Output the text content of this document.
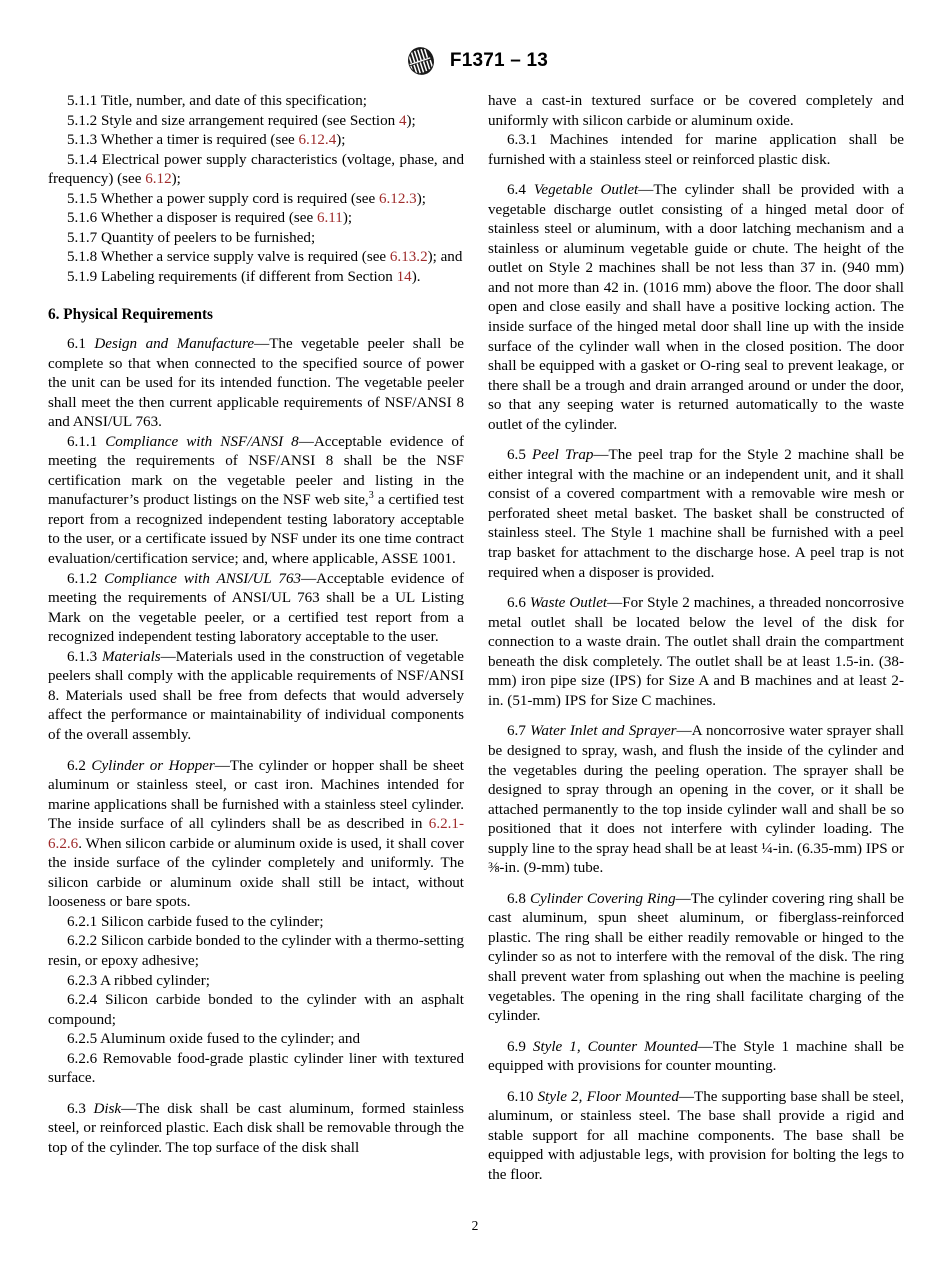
F1371 – 13

5.1.1 Title, number, and date of this specification;

5.1.2 Style and size arrangement required (see Section 4);

5.1.3 Whether a timer is required (see 6.12.4);

5.1.4 Electrical power supply characteristics (voltage, phase, and frequency) (see 6.12);

5.1.5 Whether a power supply cord is required (see 6.12.3);

5.1.6 Whether a disposer is required (see 6.11);

5.1.7 Quantity of peelers to be furnished;

5.1.8 Whether a service supply valve is required (see 6.13.2); and

5.1.9 Labeling requirements (if different from Section 14).

6. Physical Requirements

6.1 Design and Manufacture—The vegetable peeler shall be complete so that when connected to the specified source of power the unit can be used for its intended function. The vegetable peeler shall meet the then current applicable requirements of NSF/ANSI 8 and ANSI/UL 763.

6.1.1 Compliance with NSF/ANSI 8—Acceptable evidence of meeting the requirements of NSF/ANSI 8 shall be the NSF certification mark on the vegetable peeler and listing in the manufacturer’s product listings on the NSF web site,$^3$ a certified test report from a recognized independent testing laboratory acceptable to the user, or a certificate issued by NSF under its one time contract evaluation/certification service; and, where applicable, ASSE 1001.

6.1.2 Compliance with ANSI/UL 763—Acceptable evidence of meeting the requirements of ANSI/UL 763 shall be a UL Listing Mark on the vegetable peeler, or a certified test report from a recognized independent testing laboratory acceptable to the user.

6.1.3 Materials—Materials used in the construction of vegetable peelers shall comply with the applicable requirements of NSF/ANSI 8. Materials used shall be free from defects that would adversely affect the performance or maintainability of individual components of the overall assembly.

6.2 Cylinder or Hopper—The cylinder or hopper shall be sheet aluminum or stainless steel, or cast iron. Machines intended for marine applications shall be furnished with a stainless steel cylinder. The inside surface of all cylinders shall be as described in 6.2.1-6.2.6. When silicon carbide or aluminum oxide is used, it shall cover the inside surface of the cylinder completely and uniformly. The silicon carbide or aluminum oxide shall still be intact, without looseness or bare spots.

6.2.1 Silicon carbide fused to the cylinder;

6.2.2 Silicon carbide bonded to the cylinder with a thermo-setting resin, or epoxy adhesive;

6.2.3 A ribbed cylinder;

6.2.4 Silicon carbide bonded to the cylinder with an asphalt compound;

6.2.5 Aluminum oxide fused to the cylinder; and

6.2.6 Removable food-grade plastic cylinder liner with textured surface.

6.3 Disk—The disk shall be cast aluminum, formed stainless steel, or reinforced plastic. Each disk shall be removable through the top of the cylinder. The top surface of the disk shall

have a cast-in textured surface or be covered completely and uniformly with silicon carbide or aluminum oxide.

6.3.1 Machines intended for marine application shall be furnished with a stainless steel or reinforced plastic disk.

6.4 Vegetable Outlet—The cylinder shall be provided with a vegetable discharge outlet consisting of a hinged metal door of stainless steel or aluminum, with a door latching mechanism and a stainless or aluminum vegetable guide or chute. The height of the outlet on Style 2 machines shall be not less than 37 in. (940 mm) and not more than 42 in. (1016 mm) above the floor. The door shall open and close easily and shall have a positive locking action. The inside surface of the hinged metal door shall line up with the inside surface of the cylinder wall when in the closed position. The door shall be equipped with a gasket or O-ring seal to prevent leakage, or there shall be a trough and drain arranged around or under the door, so that any seeping water is returned automatically to the waste outlet of the cylinder.

6.5 Peel Trap—The peel trap for the Style 2 machine shall be either integral with the machine or an independent unit, and it shall consist of a covered compartment with a removable wire mesh or perforated sheet metal basket. The basket shall be constructed of stainless steel. The Style 1 machine shall be furnished with a peel trap basket for attachment to the discharge hose. A peel trap is not required when a disposer is provided.

6.6 Waste Outlet—For Style 2 machines, a threaded noncorrosive metal outlet shall be located below the level of the disk for connection to a waste drain. The outlet shall drain the compartment beneath the disk completely. The outlet shall be at least 1.5-in. (38-mm) iron pipe size (IPS) for Size A and B machines and at least 2-in. (51-mm) IPS for Size C machines.

6.7 Water Inlet and Sprayer—A noncorrosive water sprayer shall be designed to spray, wash, and flush the inside of the cylinder and the vegetables during the peeling operation. The sprayer shall be designed to spray through an opening in the cover, or it shall be attached permanently to the top inside cylinder wall and shall be so positioned that it does not interfere with cylinder loading. The supply line to the spray head shall be at least ¼-in. (6.35-mm) IPS or ⅜-in. (9-mm) tube.

6.8 Cylinder Covering Ring—The cylinder covering ring shall be cast aluminum, spun sheet aluminum, or fiberglass-reinforced plastic. The ring shall be either readily removable or hinged to the cylinder so as not to interfere with the removal of the disk. The ring shall prevent water from splashing out when the machine is peeling vegetables. The opening in the ring shall facilitate charging of the cylinder.

6.9 Style 1, Counter Mounted—The Style 1 machine shall be equipped with provisions for counter mounting.

6.10 Style 2, Floor Mounted—The supporting base shall be steel, aluminum, or stainless steel. The base shall provide a rigid and stable support for all machine components. The base shall be equipped with adjustable legs, with provision for bolting the legs to the floor.

2
